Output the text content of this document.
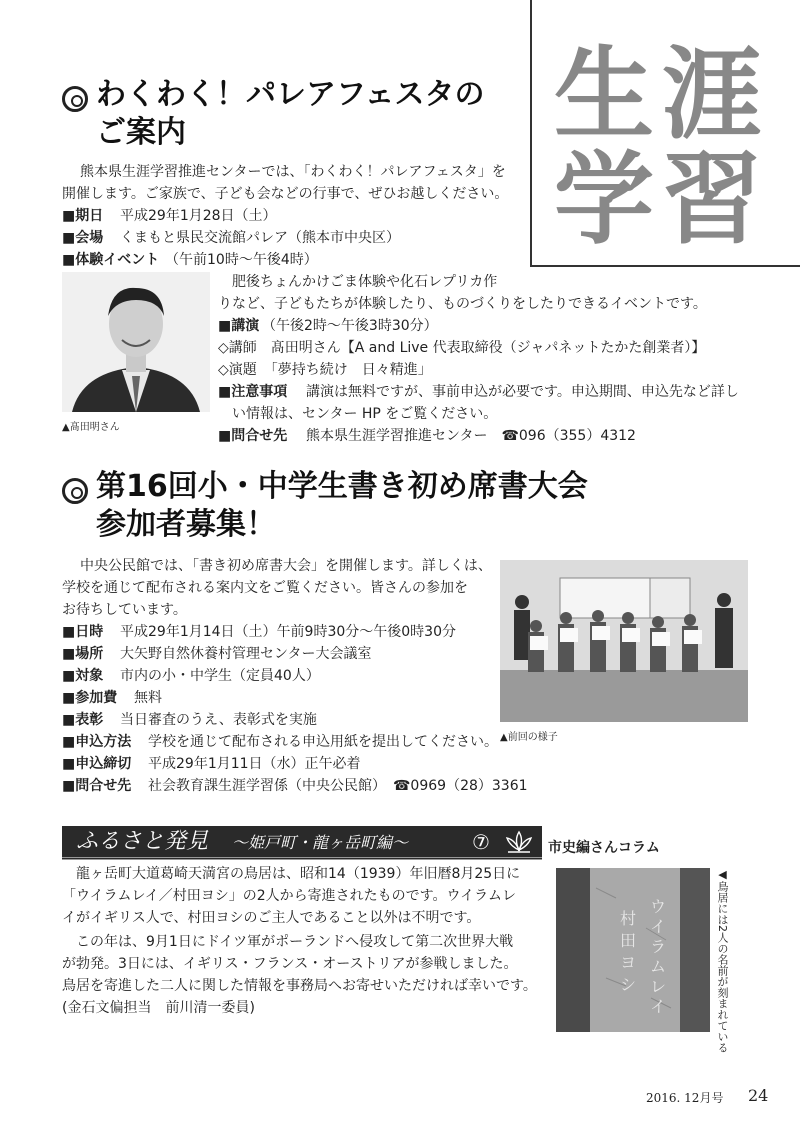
生 涯
学 習
わくわく！パレアフェスタの
ご案内
熊本県生涯学習推進センターでは、「わくわく！パレアフェスタ」を
開催します。ご家族で、子ども会などの行事で、ぜひお越しください。
■期日 平成29年1月28日（土）
■会場 くまもと県民交流館パレア（熊本市中央区）
■体験イベント （午前10時〜午後4時）
▲髙田明さん
肥後ちょんかけごま体験や化石レプリカ作
りなど、子どもたちが体験したり、ものづくりをしたりできるイベントです。
■講演 （午後2時〜午後3時30分）
◇講師　髙田明さん【A and Live 代表取締役（ジャパネットたかた創業者）】
◇演題　「夢持ち続け　日々精進」
■注意事項 講演は無料ですが、事前申込が必要です。申込期間、申込先など詳し
い情報は、センター HP をご覧ください。
■問合せ先 熊本県生涯学習推進センター　☎096（355）4312
第16回小・中学生書き初め席書大会
参加者募集！
中央公民館では、「書き初め席書大会」を開催します。詳しくは、
学校を通じて配布される案内文をご覧ください。皆さんの参加を
お待ちしています。
■日時 平成29年1月14日（土）午前9時30分〜午後0時30分
■場所 大矢野自然休養村管理センター大会議室
■対象 市内の小・中学生（定員40人）
■参加費 無料
■表彰 当日審査のうえ、表彰式を実施
■申込方法 学校を通じて配布される申込用紙を提出してください。
■申込締切 平成29年1月11日（水）正午必着
■問合せ先 社会教育課生涯学習係（中央公民館）　☎0969（28）3361
▲前回の様子
ふるさと発見 〜姫戸町・龍ヶ岳町編〜	⑦	市史編さんコラム
龍ヶ岳町大道葛崎天満宮の鳥居は、昭和14（1939）年旧暦8月25日に
「ウイラムレイ／村田ヨシ」の2人から寄進されたものです。ウイラムレ
イがイギリス人で、村田ヨシのご主人であること以外は不明です。
この年は、9月1日にドイツ軍がポーランドへ侵攻して第二次世界大戦
が勃発。3日には、イギリス・フランス・オーストリアが参戦しました。
鳥居を寄進した二人に関した情報を事務局へお寄せいただければ幸いです。
(金石文偏担当　前川清一委員)
ウ
イ
ラ
ム
レ
イ
村
田
ヨ
シ	◀鳥居には2人の名前が刻まれている
2016. 12月号 24
